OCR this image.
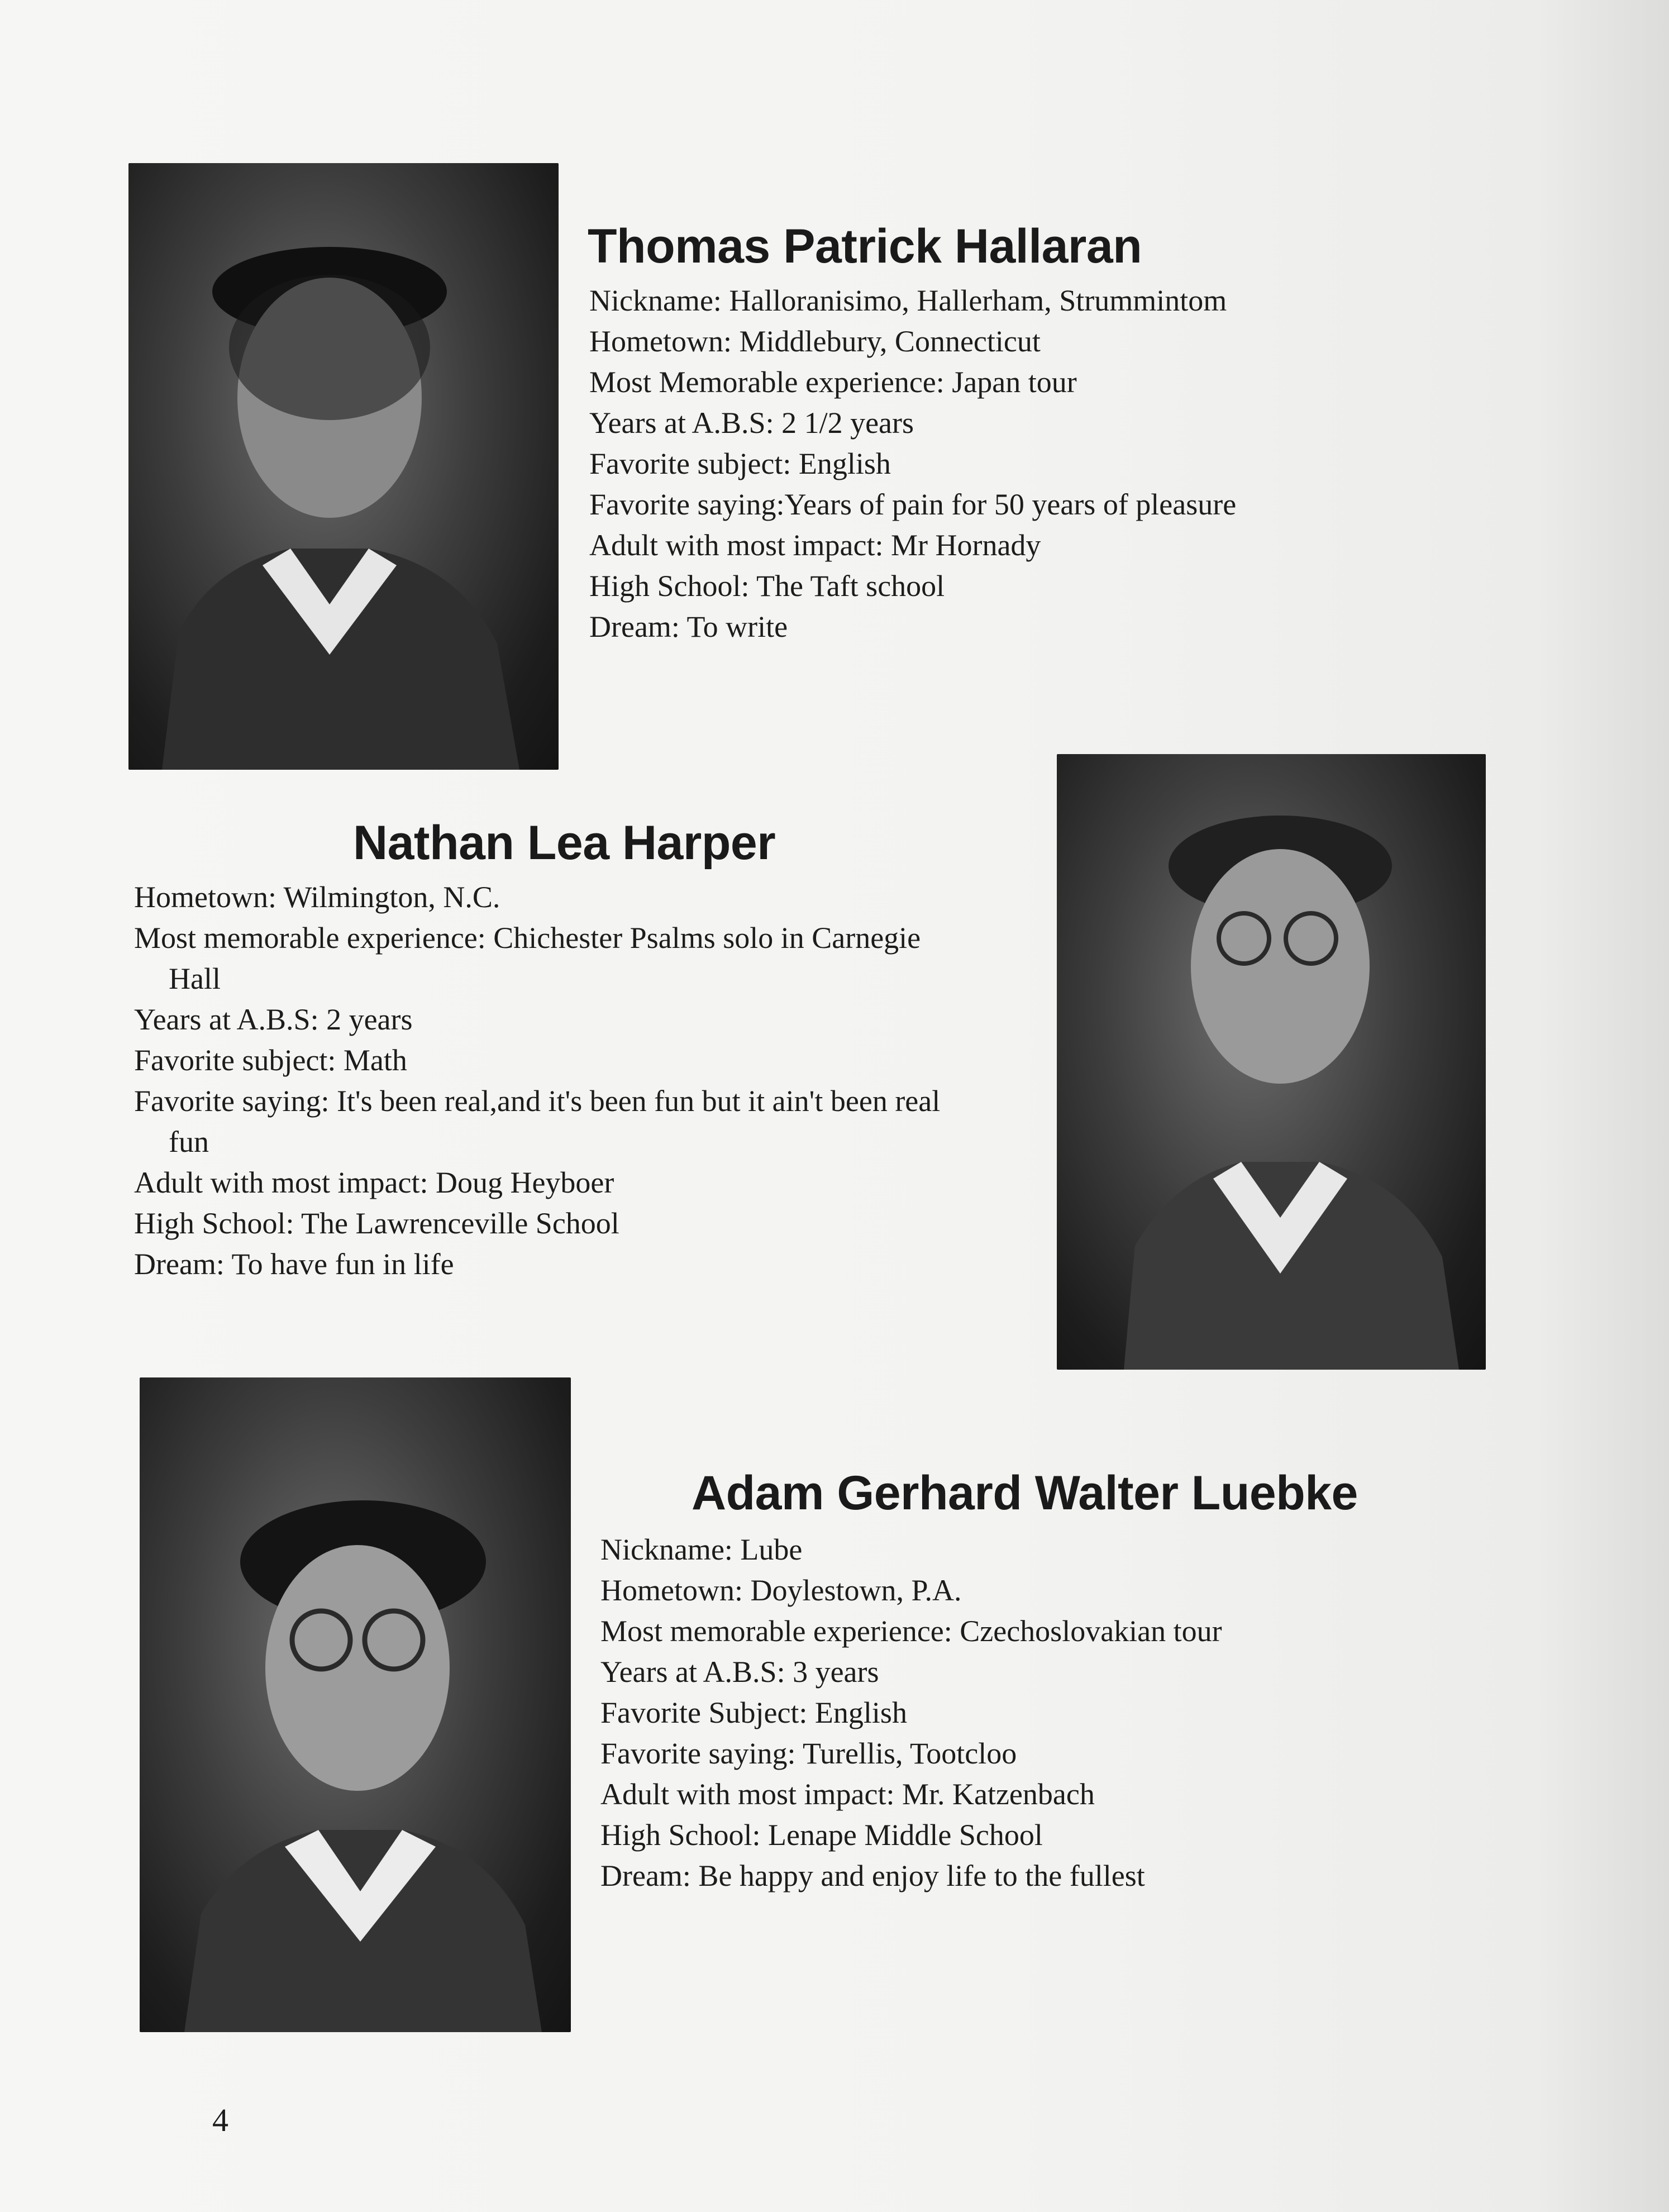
Thomas Patrick Hallaran
Nickname: Halloranisimo, Hallerham, Strummintom
Hometown: Middlebury, Connecticut
Most Memorable experience: Japan tour
Years at A.B.S: 2 1/2 years
Favorite subject: English
Favorite saying:Years of pain for 50 years of pleasure
Adult with most impact: Mr Hornady
High School: The Taft school
Dream: To write
Nathan Lea Harper
Hometown: Wilmington, N.C.
Most memorable experience: Chichester Psalms solo in Carnegie
Hall
Years at A.B.S: 2 years
Favorite subject: Math
Favorite saying: It's been real,and it's been fun but it ain't been real
fun
Adult with most impact: Doug Heyboer
High School: The Lawrenceville School
Dream: To have fun in life
Adam Gerhard Walter Luebke
Nickname: Lube
Hometown: Doylestown, P.A.
Most memorable experience: Czechoslovakian tour
Years at A.B.S: 3 years
Favorite Subject: English
Favorite saying: Turellis, Tootcloo
Adult with most impact: Mr. Katzenbach
High School: Lenape Middle School
Dream: Be happy and enjoy life to the fullest
4
